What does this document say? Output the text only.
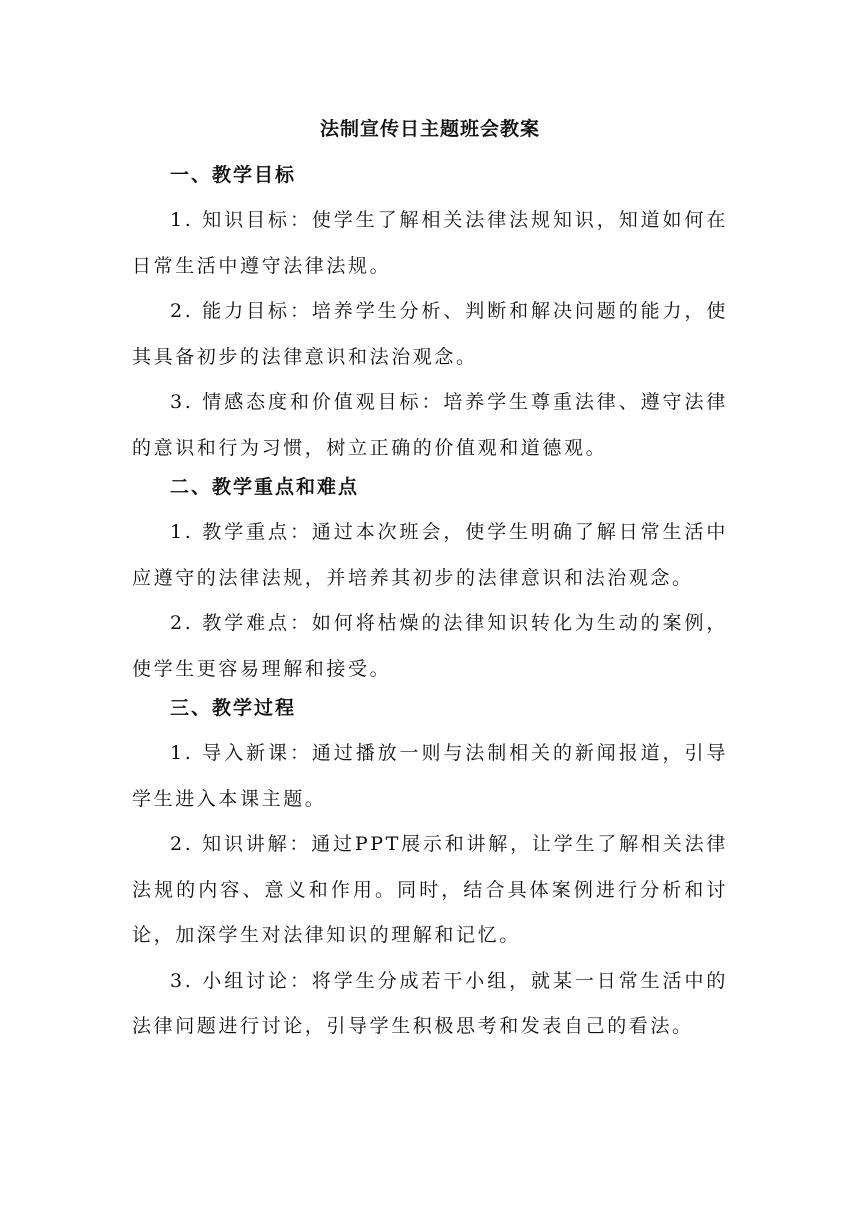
法制宣传日主题班会教案
一、教学目标

1. 知识目标：使学生了解相关法律法规知识，知道如何在日常生活中遵守法律法规。

2. 能力目标：培养学生分析、判断和解决问题的能力，使其具备初步的法律意识和法治观念。

3. 情感态度和价值观目标：培养学生尊重法律、遵守法律的意识和行为习惯，树立正确的价值观和道德观。

二、教学重点和难点

1. 教学重点：通过本次班会，使学生明确了解日常生活中应遵守的法律法规，并培养其初步的法律意识和法治观念。

2. 教学难点：如何将枯燥的法律知识转化为生动的案例，使学生更容易理解和接受。

三、教学过程

1. 导入新课：通过播放一则与法制相关的新闻报道，引导学生进入本课主题。

2. 知识讲解：通过PPT展示和讲解，让学生了解相关法律法规的内容、意义和作用。同时，结合具体案例进行分析和讨论，加深学生对法律知识的理解和记忆。

3. 小组讨论：将学生分成若干小组，就某一日常生活中的法律问题进行讨论，引导学生积极思考和发表自己的看法。
